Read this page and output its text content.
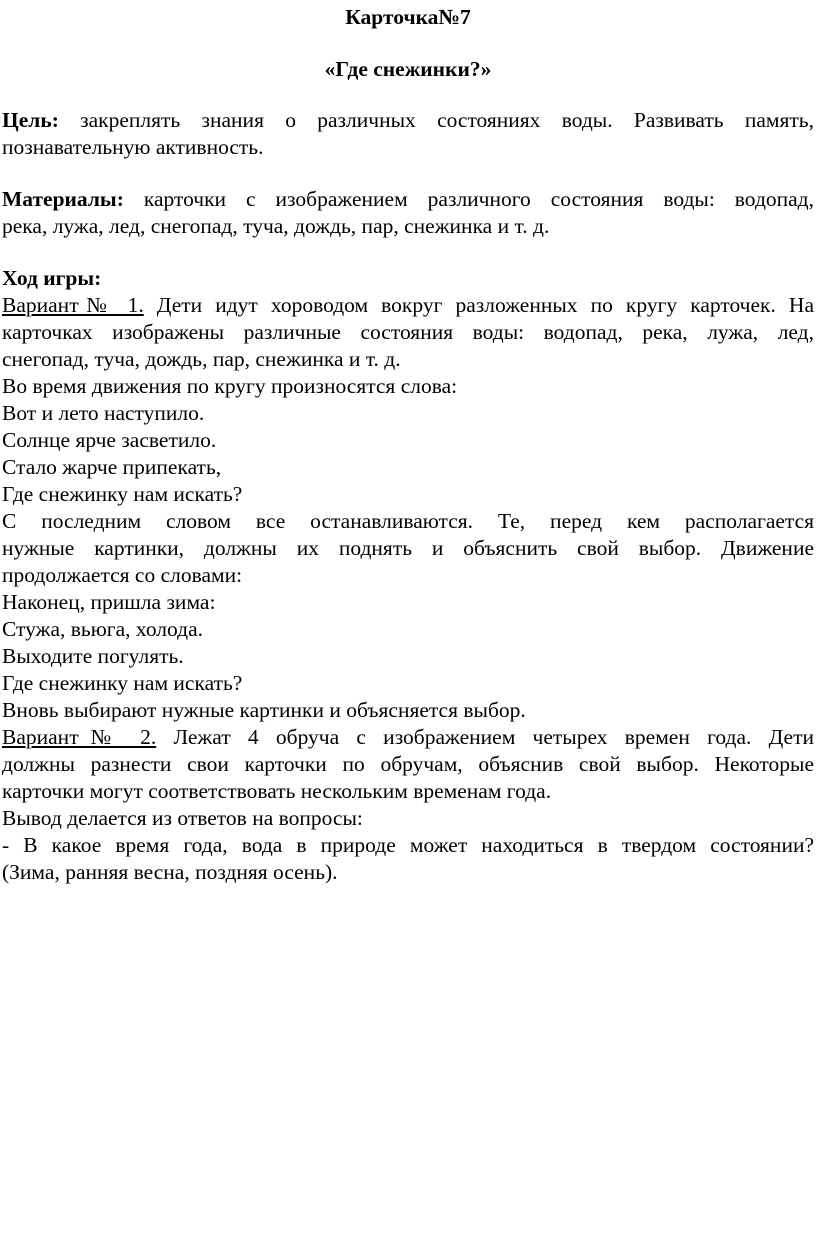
Карточка№7
«Где снежинки?»
Цель: закреплять знания о различных состояниях воды. Развивать память,
познавательную активность.
Материалы: карточки с изображением различного состояния воды: водопад,
река, лужа, лед, снегопад, туча, дождь, пар, снежинка и т. д.
Ход игры:
Вариант№ 1. Дети идут хороводом вокруг разложенных по кругу карточек. На
карточках изображены различные состояния воды: водопад, река, лужа, лед,
снегопад, туча, дождь, пар, снежинка и т. д.
Во время движения по кругу произносятся слова:
Вот и лето наступило.
Солнце ярче засветило.
Стало жарче припекать,
Где снежинку нам искать?
С последним словом все останавливаются. Те, перед кем располагается
нужные картинки, должны их поднять и объяснить свой выбор. Движение
продолжается со словами:
Наконец, пришла зима:
Стужа, вьюга, холода.
Выходите погулять.
Где снежинку нам искать?
Вновь выбирают нужные картинки и объясняется выбор.
Вариант№ 2. Лежат 4 обруча с изображением четырех времен года. Дети
должны разнести свои карточки по обручам, объяснив свой выбор. Некоторые
карточки могут соответствовать нескольким временам года.
Вывод делается из ответов на вопросы:
- В какое время года, вода в природе может находиться в твердом состоянии?
(Зима, ранняя весна, поздняя осень).
